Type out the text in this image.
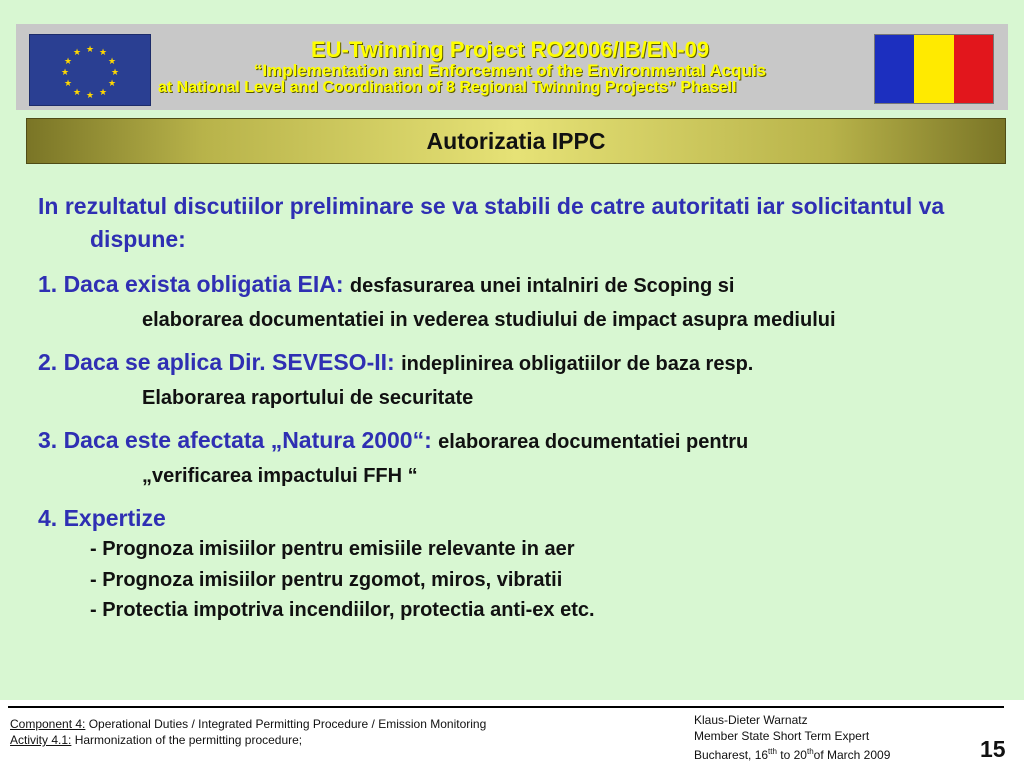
★ ★
★
★
★
★
★
★
★
★
★
★	EU-Twinning Project RO2006/IB/EN-09
“Implementation and Enforcement of the Environmental Acquis
at National Level and Coordination of 8 Regional Twinning Projects” PhaseII
Autorizatia IPPC

In rezultatul discutiilor preliminare se va stabili de catre autoritati iar solicitantul va dispune:

1. Daca exista obligatia EIA: desfasurarea unei intalniri de Scoping si
elaborarea documentatiei in vederea studiului de impact asupra mediului

2. Daca se aplica Dir. SEVESO-II: indeplinirea obligatiilor de baza resp.
Elaborarea raportului de securitate

3. Daca este afectata „Natura 2000“: elaborarea documentatiei pentru
„verificarea impactului FFH “

4. Expertize

- Prognoza imisiilor pentru emisiile relevante in aer

- Prognoza imisiilor pentru zgomot, miros, vibratii

- Protectia impotriva incendiilor, protectia anti-ex etc.

Component 4: Operational Duties / Integrated Permitting Procedure / Emission Monitoring
Activity 4.1: Harmonization of the permitting procedure;
Klaus-Dieter Warnatz
Member State Short Term Expert
Bucharest, $16^{tth}$ to 20thof March 2009	15
